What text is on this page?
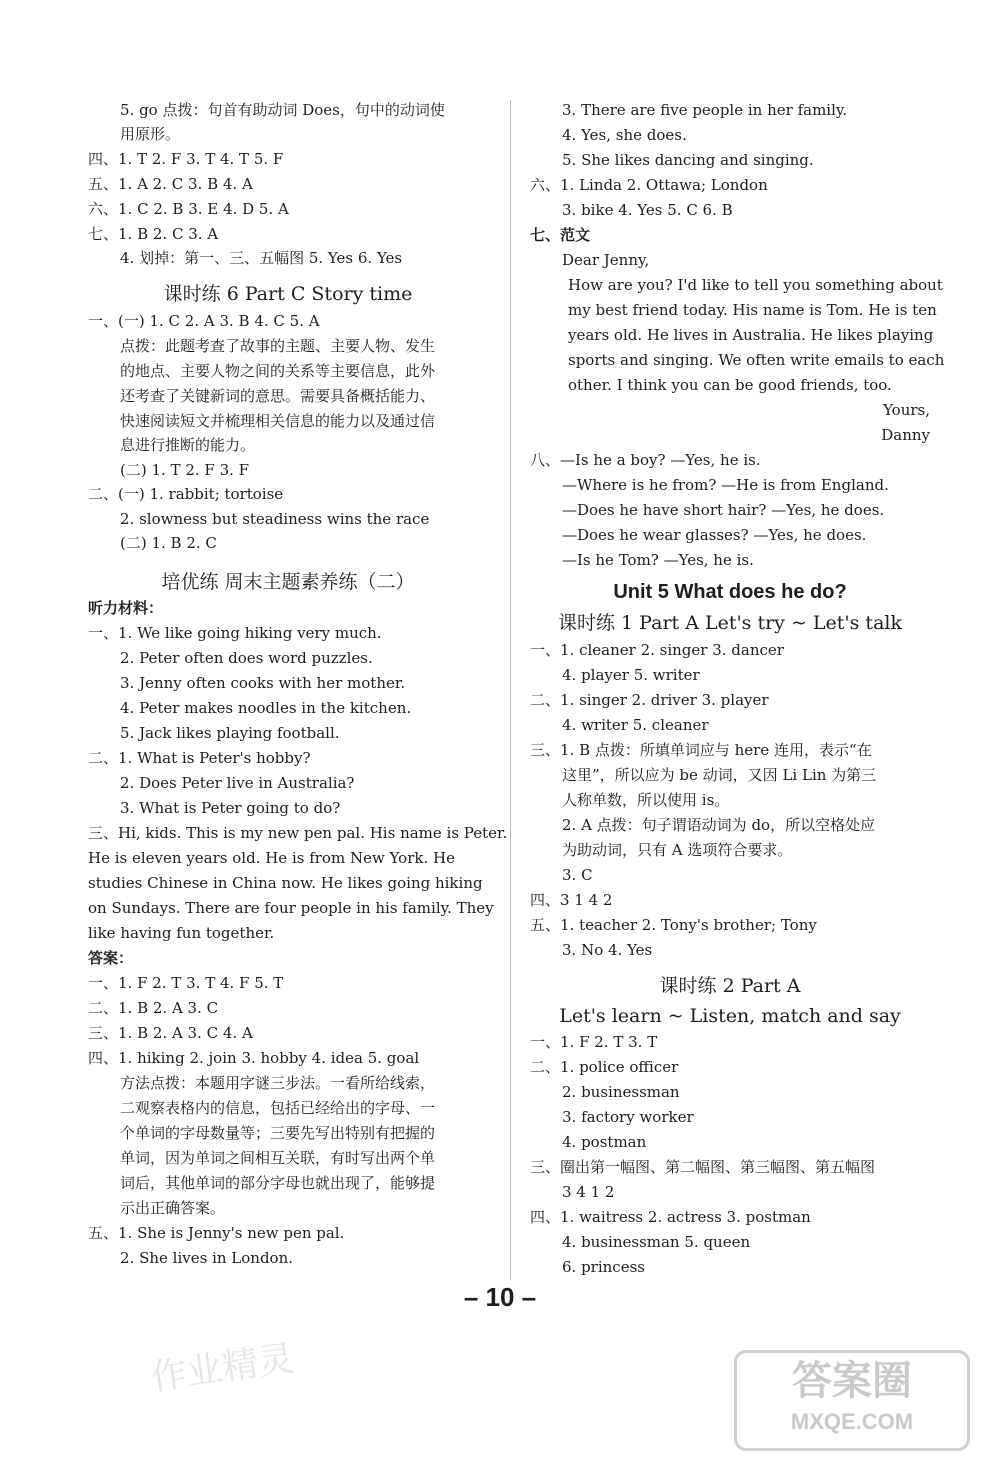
5. go 点拨：句首有助动词 Does，句中的动词使
用原形。
四、1. T 2. F 3. T 4. T 5. F
五、1. A 2. C 3. B 4. A
六、1. C 2. B 3. E 4. D 5. A
七、1. B 2. C 3. A
4. 划掉：第一、三、五幅图 5. Yes 6. Yes
课时练 6 Part C Story time
一、(一) 1. C 2. A 3. B 4. C 5. A
点拨：此题考查了故事的主题、主要人物、发生
的地点、主要人物之间的关系等主要信息，此外
还考查了关键新词的意思。需要具备概括能力、
快速阅读短文并梳理相关信息的能力以及通过信
息进行推断的能力。
(二) 1. T 2. F 3. F
二、(一) 1. rabbit; tortoise
2. slowness but steadiness wins the race
(二) 1. B 2. C
培优练 周末主题素养练（二）
听力材料：
一、1. We like going hiking very much.
2. Peter often does word puzzles.
3. Jenny often cooks with her mother.
4. Peter makes noodles in the kitchen.
5. Jack likes playing football.
二、1. What is Peter's hobby?
2. Does Peter live in Australia?
3. What is Peter going to do?
三、Hi, kids. This is my new pen pal. His name is Peter.
He is eleven years old. He is from New York. He
studies Chinese in China now. He likes going hiking
on Sundays. There are four people in his family. They
like having fun together.
答案：
一、1. F 2. T 3. T 4. F 5. T
二、1. B 2. A 3. C
三、1. B 2. A 3. C 4. A
四、1. hiking 2. join 3. hobby 4. idea 5. goal
方法点拨：本题用字谜三步法。一看所给线索，
二观察表格内的信息，包括已经给出的字母、一
个单词的字母数量等；三要先写出特别有把握的
单词，因为单词之间相互关联，有时写出两个单
词后，其他单词的部分字母也就出现了，能够提
示出正确答案。
五、1. She is Jenny's new pen pal.
2. She lives in London.
3. There are five people in her family.
4. Yes, she does.
5. She likes dancing and singing.
六、1. Linda 2. Ottawa; London
3. bike 4. Yes 5. C 6. B
七、范文
Dear Jenny,
How are you? I'd like to tell you something about
my best friend today. His name is Tom. He is ten
years old. He lives in Australia. He likes playing
sports and singing. We often write emails to each
other. I think you can be good friends, too.
Yours,
Danny
八、—Is he a boy? —Yes, he is.
—Where is he from? —He is from England.
—Does he have short hair? —Yes, he does.
—Does he wear glasses? —Yes, he does.
—Is he Tom? —Yes, he is.
Unit 5 What does he do?
课时练 1 Part A Let's try ~ Let's talk
一、1. cleaner 2. singer 3. dancer
4. player 5. writer
二、1. singer 2. driver 3. player
4. writer 5. cleaner
三、1. B 点拨：所填单词应与 here 连用，表示“在
这里”，所以应为 be 动词，又因 Li Lin 为第三
人称单数，所以使用 is。
2. A 点拨：句子谓语动词为 do，所以空格处应
为助动词，只有 A 选项符合要求。
3. C
四、3 1 4 2
五、1. teacher 2. Tony's brother; Tony
3. No 4. Yes
课时练 2 Part A
Let's learn ~ Listen, match and say
一、1. F 2. T 3. T
二、1. police officer
2. businessman
3. factory worker
4. postman
三、圈出第一幅图、第二幅图、第三幅图、第五幅图
3 4 1 2
四、1. waitress 2. actress 3. postman
4. businessman 5. queen
6. princess
– 10 –
作业精灵	答案圈
MXQE.COM
